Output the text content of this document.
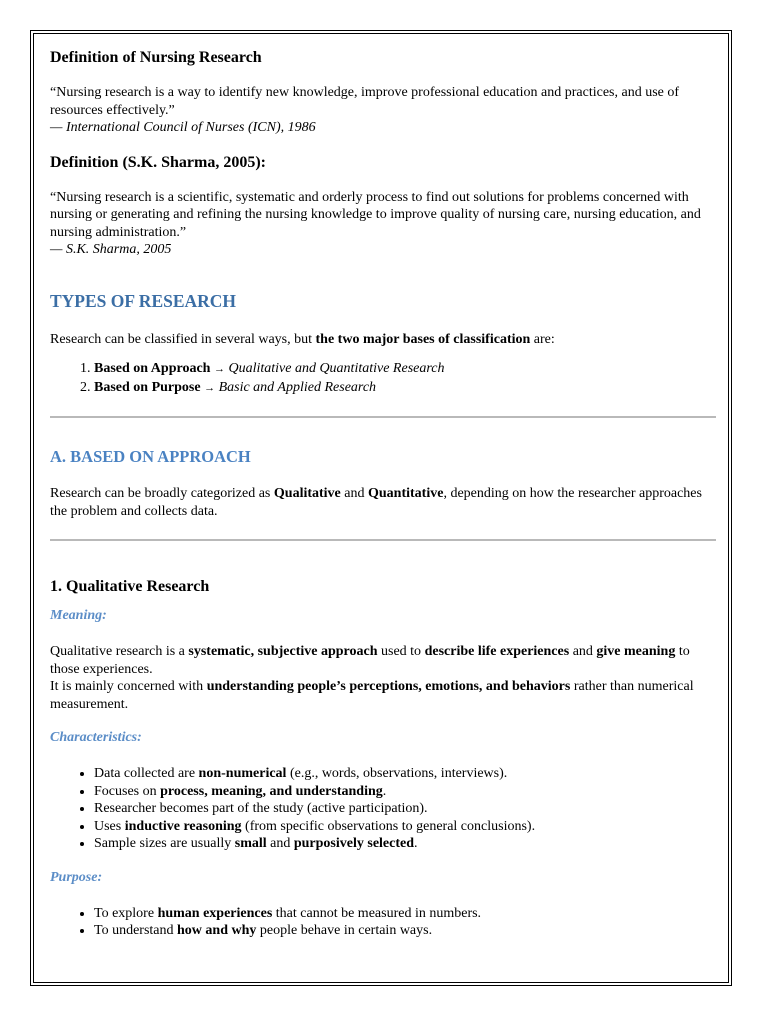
Definition of Nursing Research

“Nursing research is a way to identify new knowledge, improve professional education and practices, and use of resources effectively.”
— International Council of Nurses (ICN), 1986

Definition (S.K. Sharma, 2005):

“Nursing research is a scientific, systematic and orderly process to find out solutions for problems concerned with nursing or generating and refining the nursing knowledge to improve quality of nursing care, nursing education, and nursing administration.”
— S.K. Sharma, 2005

TYPES OF RESEARCH

Research can be classified in several ways, but the two major bases of classification are:

1. Based on Approach → Qualitative and Quantitative Research
2. Based on Purpose → Basic and Applied Research
A. BASED ON APPROACH

Research can be broadly categorized as Qualitative and Quantitative, depending on how the researcher approaches the problem and collects data.

1. Qualitative Research

Meaning:

Qualitative research is a systematic, subjective approach used to describe life experiences and give meaning to those experiences.
It is mainly concerned with understanding people’s perceptions, emotions, and behaviors rather than numerical measurement.

Characteristics:

• Data collected are non-numerical (e.g., words, observations, interviews).
• Focuses on process, meaning, and understanding.
• Researcher becomes part of the study (active participation).
• Uses inductive reasoning (from specific observations to general conclusions).
• Sample sizes are usually small and purposively selected.

Purpose:

• To explore human experiences that cannot be measured in numbers.
• To understand how and why people behave in certain ways.
